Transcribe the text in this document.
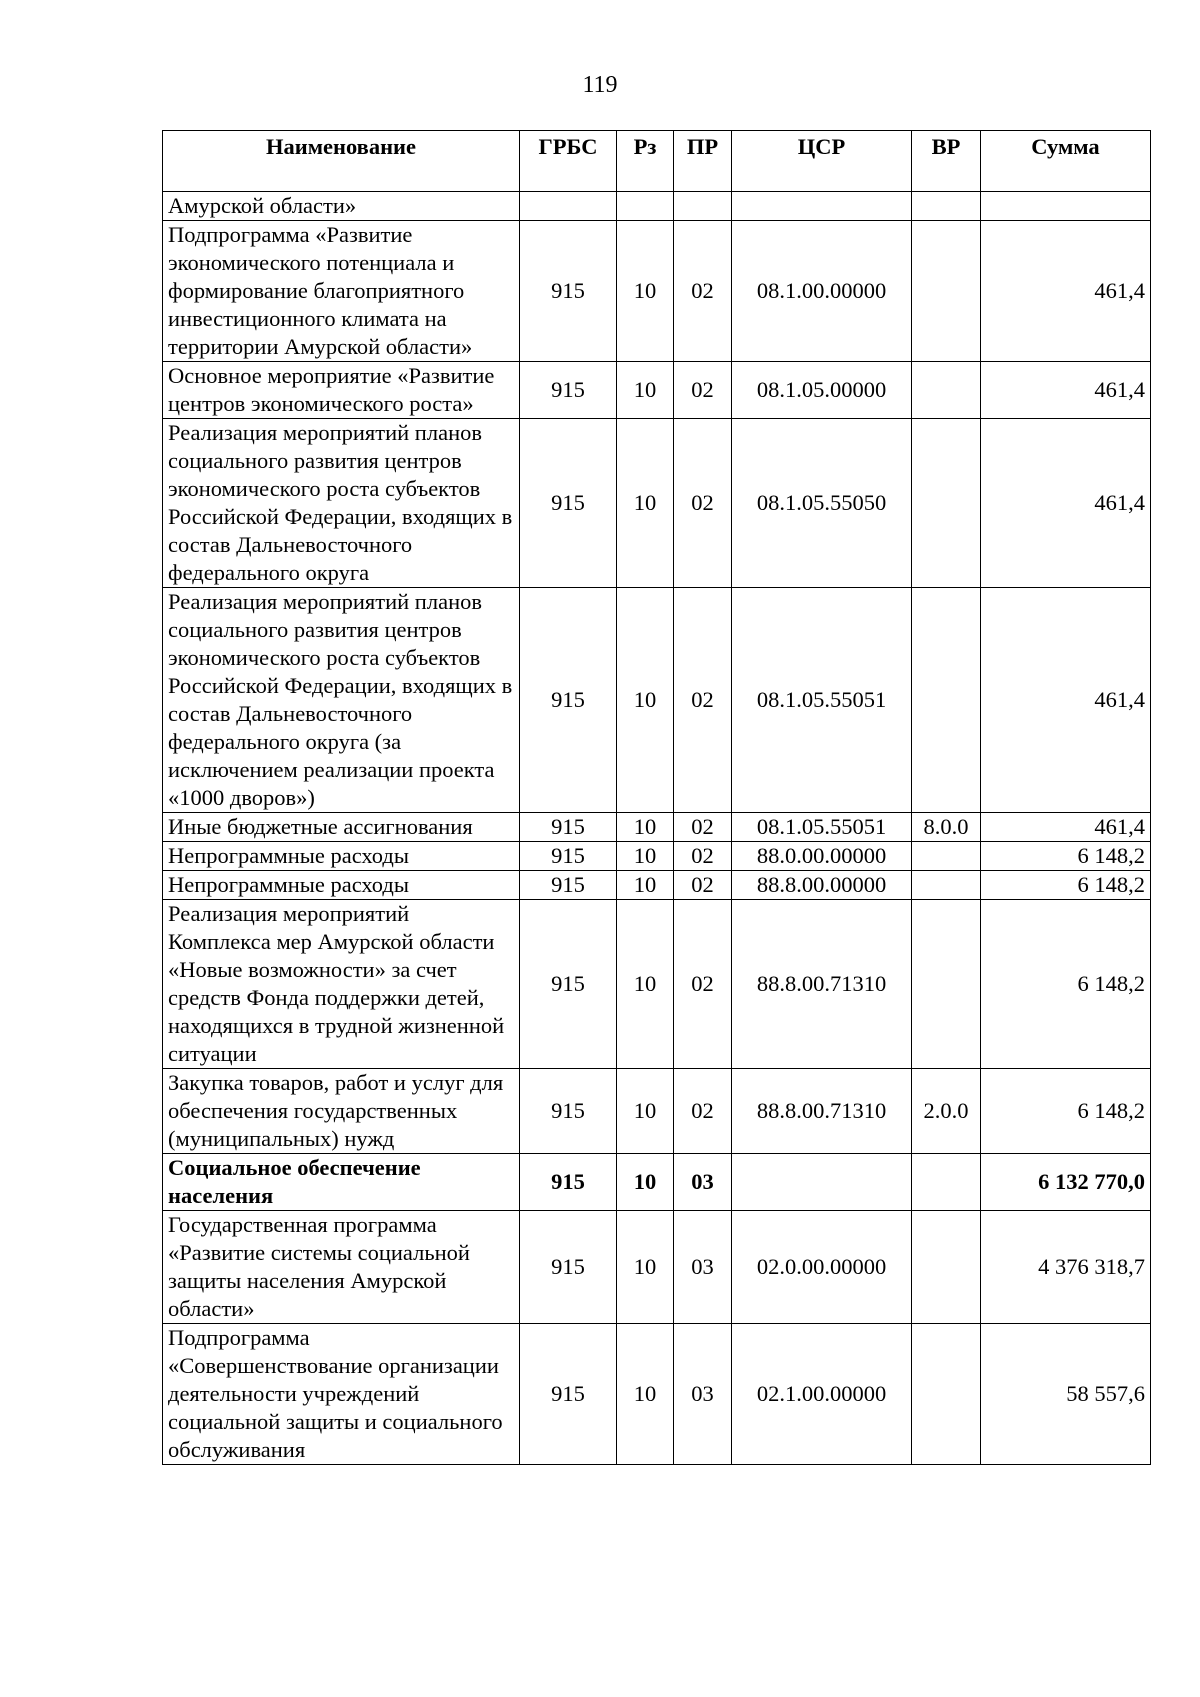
119
Наименование	ГРБС	Рз	ПР	ЦСР	ВР	Сумма
Амурской области»						
Подпрограмма «Развитие экономического потенциала и формирование благоприятного инвестиционного климата на территории Амурской области»	915	10	02	08.1.00.00000		461,4
Основное мероприятие «Развитие центров экономического роста»	915	10	02	08.1.05.00000		461,4
Реализация мероприятий планов социального развития центров экономического роста субъектов Российской Федерации, входящих в состав Дальневосточного федерального округа	915	10	02	08.1.05.55050		461,4
Реализация мероприятий планов социального развития центров экономического роста субъектов Российской Федерации, входящих в состав Дальневосточного федерального округа (за исключением реализации проекта «1000 дворов»)	915	10	02	08.1.05.55051		461,4
Иные бюджетные ассигнования	915	10	02	08.1.05.55051	8.0.0	461,4
Непрограммные расходы	915	10	02	88.0.00.00000		6 148,2
Непрограммные расходы	915	10	02	88.8.00.00000		6 148,2
Реализация мероприятий Комплекса мер Амурской области «Новые возможности» за счет средств Фонда поддержки детей, находящихся в трудной жизненной ситуации	915	10	02	88.8.00.71310		6 148,2
Закупка товаров, работ и услуг для обеспечения государственных (муниципальных) нужд	915	10	02	88.8.00.71310	2.0.0	6 148,2
Социальное обеспечение населения	915	10	03			6 132 770,0
Государственная программа «Развитие системы социальной защиты населения Амурской области»	915	10	03	02.0.00.00000		4 376 318,7
Подпрограмма «Совершенствование организации деятельности учреждений социальной защиты и социального обслуживания	915	10	03	02.1.00.00000		58 557,6
